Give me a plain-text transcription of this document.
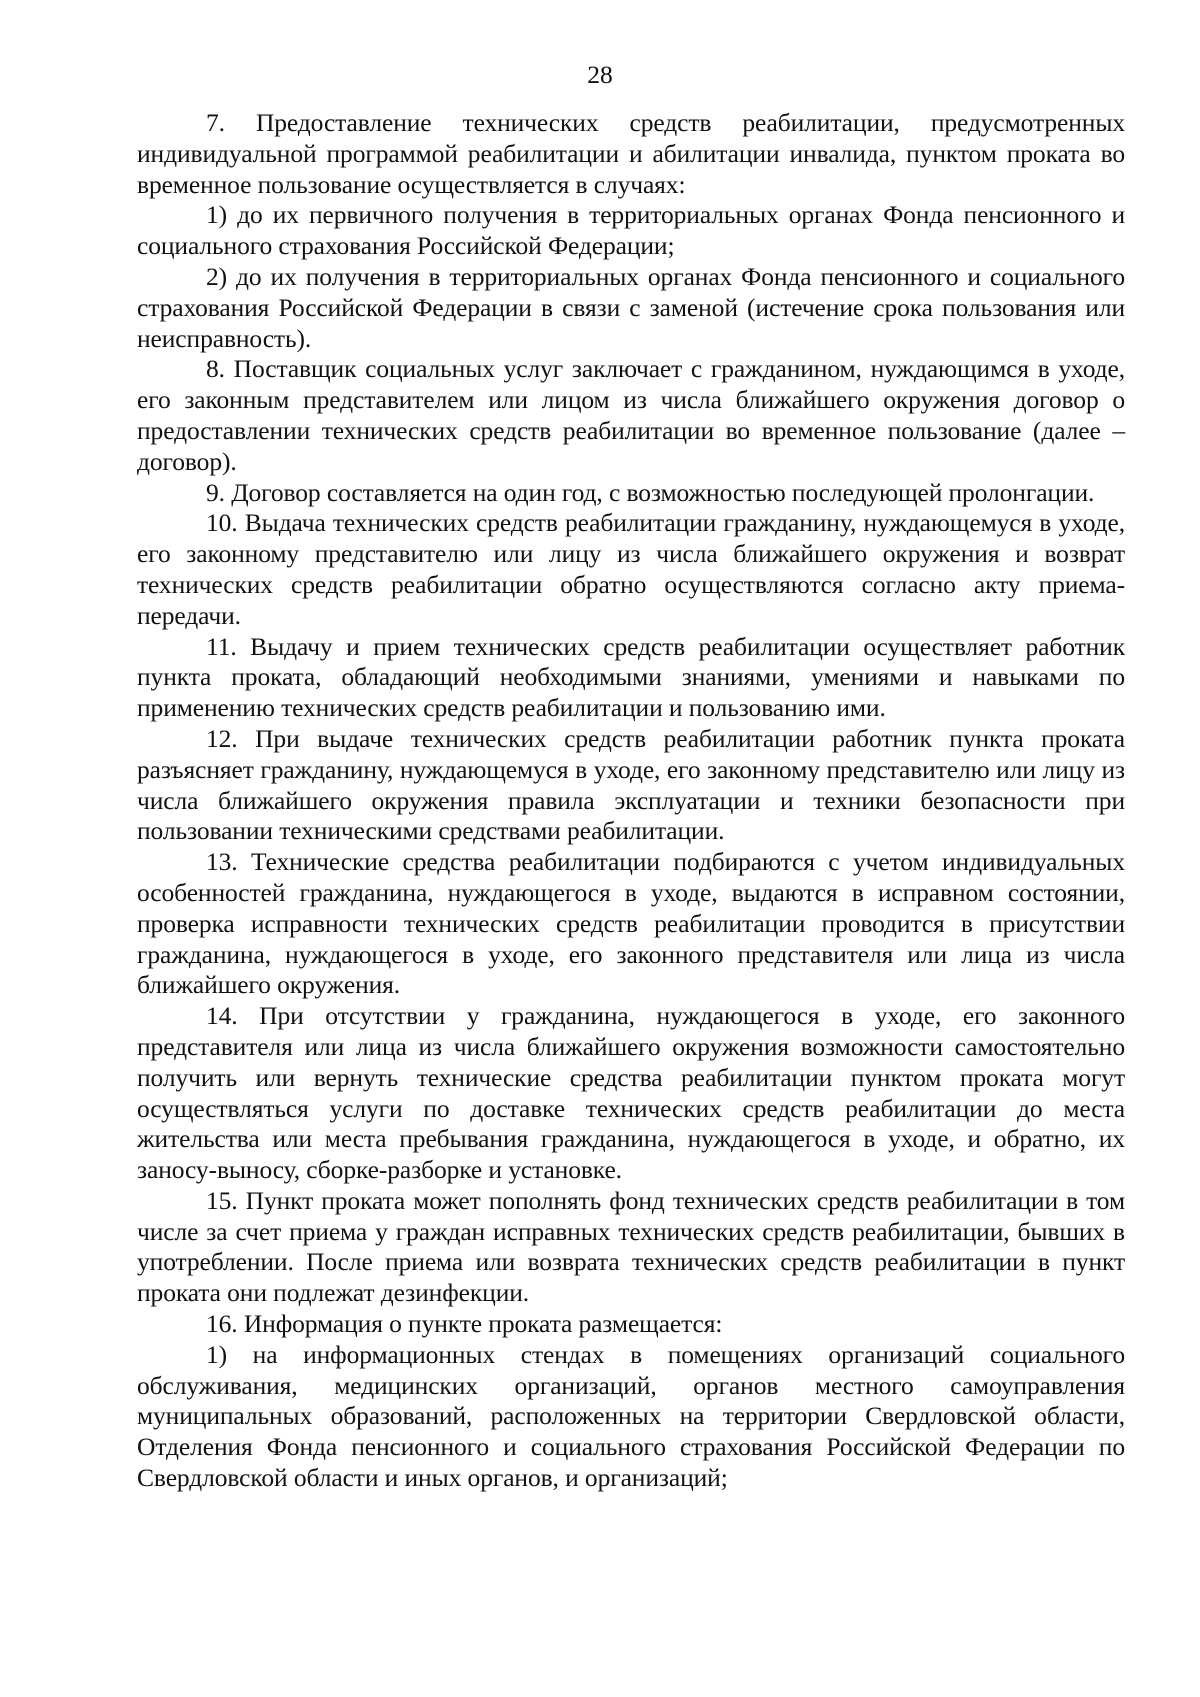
28

7. Предоставление технических средств реабилитации, предусмотренных индивидуальной программой реабилитации и абилитации инвалида, пунктом проката во временное пользование осуществляется в случаях:

1) до их первичного получения в территориальных органах Фонда пенсионного и социального страхования Российской Федерации;

2) до их получения в территориальных органах Фонда пенсионного и социального страхования Российской Федерации в связи с заменой (истечение срока пользования или неисправность).

8. Поставщик социальных услуг заключает с гражданином, нуждающимся в уходе, его законным представителем или лицом из числа ближайшего окружения договор о предоставлении технических средств реабилитации во временное пользование (далее – договор).

9. Договор составляется на один год, с возможностью последующей пролонгации.

10. Выдача технических средств реабилитации гражданину, нуждающемуся в уходе, его законному представителю или лицу из числа ближайшего окружения и возврат технических средств реабилитации обратно осуществляются согласно акту приема-передачи.

11. Выдачу и прием технических средств реабилитации осуществляет работник пункта проката, обладающий необходимыми знаниями, умениями и навыками по применению технических средств реабилитации и пользованию ими.

12. При выдаче технических средств реабилитации работник пункта проката разъясняет гражданину, нуждающемуся в уходе, его законному представителю или лицу из числа ближайшего окружения правила эксплуатации и техники безопасности при пользовании техническими средствами реабилитации.

13. Технические средства реабилитации подбираются с учетом индивидуальных особенностей гражданина, нуждающегося в уходе, выдаются в исправном состоянии, проверка исправности технических средств реабилитации проводится в присутствии гражданина, нуждающегося в уходе, его законного представителя или лица из числа ближайшего окружения.

14. При отсутствии у гражданина, нуждающегося в уходе, его законного представителя или лица из числа ближайшего окружения возможности самостоятельно получить или вернуть технические средства реабилитации пунктом проката могут осуществляться услуги по доставке технических средств реабилитации до места жительства или места пребывания гражданина, нуждающегося в уходе, и обратно, их заносу-выносу, сборке-разборке и установке.

15. Пункт проката может пополнять фонд технических средств реабилитации в том числе за счет приема у граждан исправных технических средств реабилитации, бывших в употреблении. После приема или возврата технических средств реабилитации в пункт проката они подлежат дезинфекции.

16. Информация о пункте проката размещается:

1) на информационных стендах в помещениях организаций социального обслуживания, медицинских организаций, органов местного самоуправления муниципальных образований, расположенных на территории Свердловской области, Отделения Фонда пенсионного и социального страхования Российской Федерации по Свердловской области и иных органов, и организаций;
